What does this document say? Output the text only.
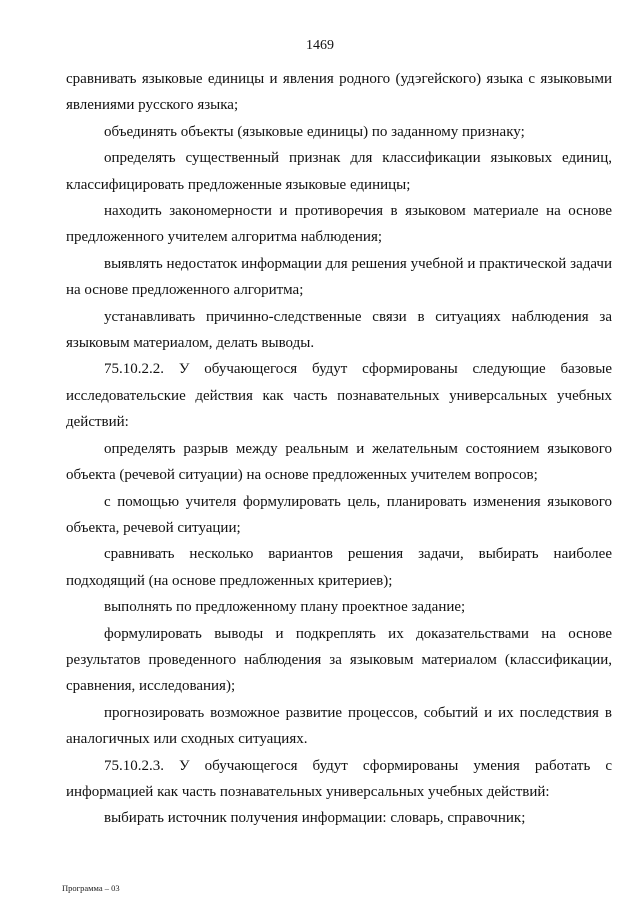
1469

сравнивать языковые единицы и явления родного (удэгейского) языка с языковыми явлениями русского языка;

объединять объекты (языковые единицы) по заданному признаку;

определять существенный признак для классификации языковых единиц, классифицировать предложенные языковые единицы;

находить закономерности и противоречия в языковом материале на основе предложенного учителем алгоритма наблюдения;

выявлять недостаток информации для решения учебной и практической задачи на основе предложенного алгоритма;

устанавливать причинно-следственные связи в ситуациях наблюдения за языковым материалом, делать выводы.

75.10.2.2. У обучающегося будут сформированы следующие базовые исследовательские действия как часть познавательных универсальных учебных действий:

определять разрыв между реальным и желательным состоянием языкового объекта (речевой ситуации) на основе предложенных учителем вопросов;

с помощью учителя формулировать цель, планировать изменения языкового объекта, речевой ситуации;

сравнивать несколько вариантов решения задачи, выбирать наиболее подходящий (на основе предложенных критериев);

выполнять по предложенному плану проектное задание;

формулировать выводы и подкреплять их доказательствами на основе результатов проведенного наблюдения за языковым материалом (классификации, сравнения, исследования);

прогнозировать возможное развитие процессов, событий и их последствия в аналогичных или сходных ситуациях.

75.10.2.3. У обучающегося будут сформированы умения работать с информацией как часть познавательных универсальных учебных действий:

выбирать источник получения информации: словарь, справочник;

Программа – 03
